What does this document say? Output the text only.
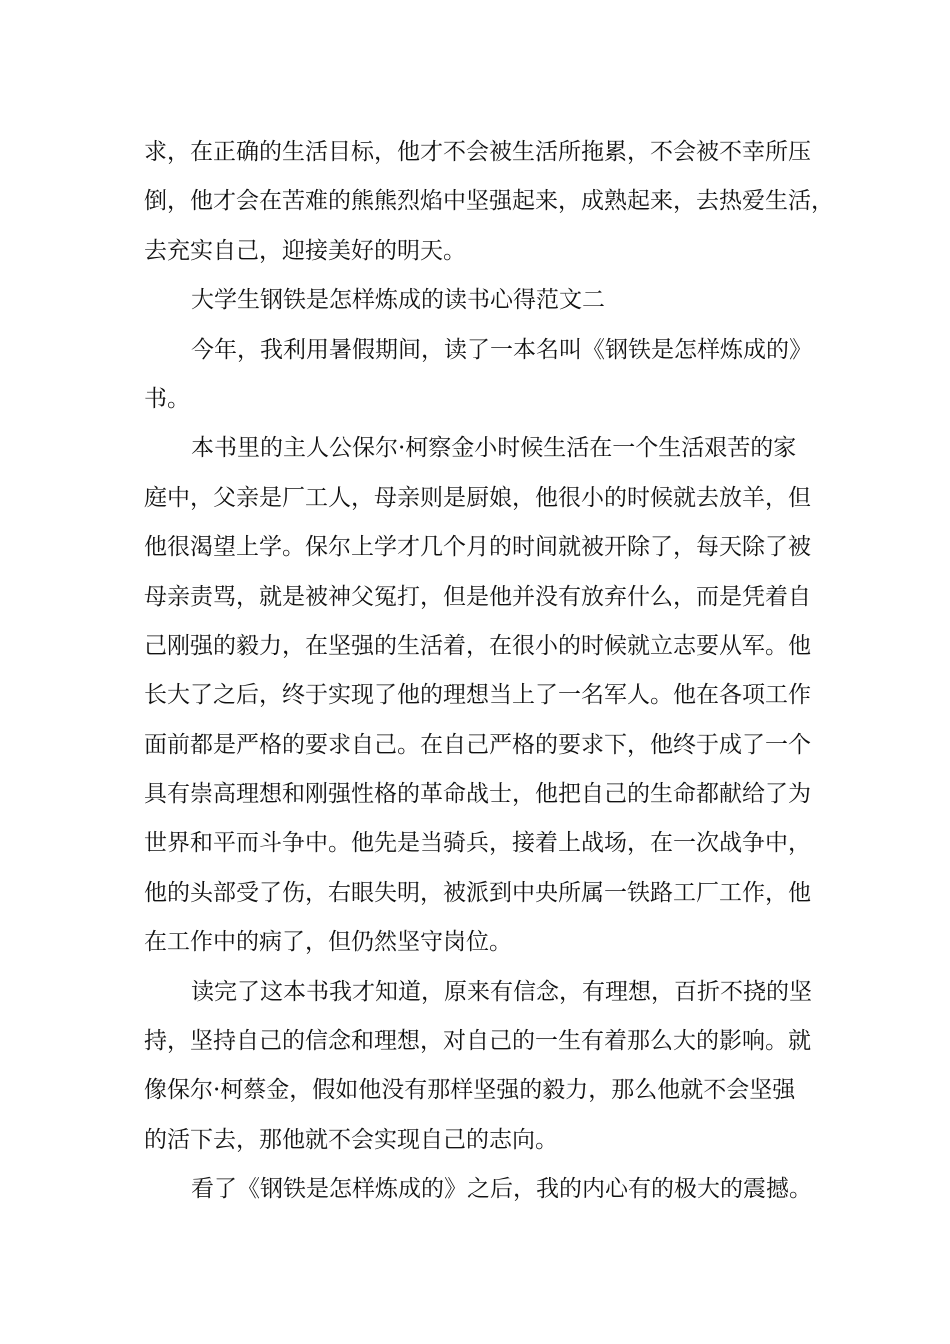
求，在正确的生活目标，他才不会被生活所拖累，不会被不幸所压
倒，他才会在苦难的熊熊烈焰中坚强起来，成熟起来，去热爱生活，
去充实自己，迎接美好的明天。
大学生钢铁是怎样炼成的读书心得范文二
今年，我利用暑假期间，读了一本名叫《钢铁是怎样炼成的》
书。
本书里的主人公保尔·柯察金小时候生活在一个生活艰苦的家
庭中，父亲是厂工人，母亲则是厨娘，他很小的时候就去放羊，但
他很渴望上学。保尔上学才几个月的时间就被开除了，每天除了被
母亲责骂，就是被神父冤打，但是他并没有放弃什么，而是凭着自
己刚强的毅力，在坚强的生活着，在很小的时候就立志要从军。他
长大了之后，终于实现了他的理想当上了一名军人。他在各项工作
面前都是严格的要求自己。在自己严格的要求下，他终于成了一个
具有崇高理想和刚强性格的革命战士，他把自己的生命都献给了为
世界和平而斗争中。他先是当骑兵，接着上战场，在一次战争中，
他的头部受了伤，右眼失明，被派到中央所属一铁路工厂工作，他
在工作中的病了，但仍然坚守岗位。
读完了这本书我才知道，原来有信念，有理想，百折不挠的坚
持，坚持自己的信念和理想，对自己的一生有着那么大的影响。就
像保尔·柯蔡金，假如他没有那样坚强的毅力，那么他就不会坚强
的活下去，那他就不会实现自己的志向。
看了《钢铁是怎样炼成的》之后，我的内心有的极大的震撼。
